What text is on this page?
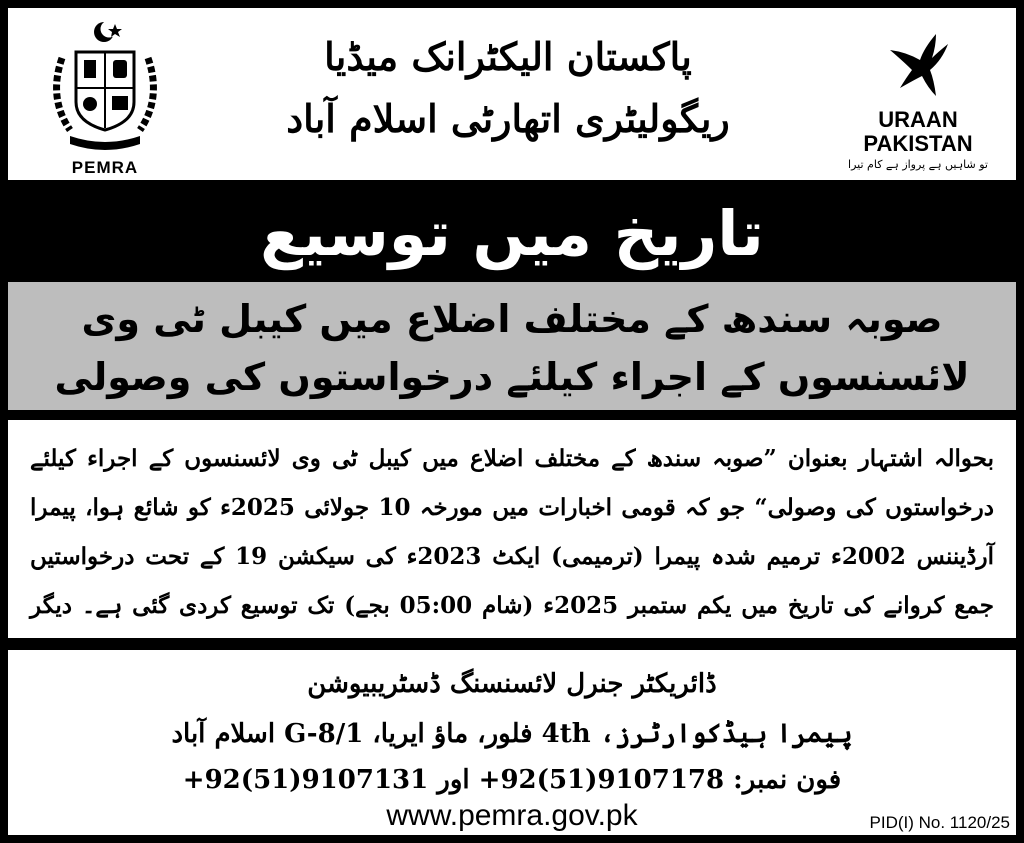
PEMRA
پاکستان الیکٹرانک میڈیا
ریگولیٹری اتھارٹی اسلام آباد	URAAN
PAKISTAN
تو شاہیں ہے پرواز ہے کام تیرا
تاریخ میں توسیع
صوبہ سندھ کے مختلف اضلاع میں کیبل ٹی وی
لائسنسوں کے اجراء کیلئے درخواستوں کی وصولی
بحوالہ اشتہار بعنوان ”صوبہ سندھ کے مختلف اضلاع میں کیبل ٹی وی لائسنسوں کے اجراء کیلئے درخواستوں کی وصولی“ جو کہ قومی اخبارات میں مورخہ 10 جولائی 2025ء کو شائع ہوا، پیمرا آرڈیننس 2002ء ترمیم شدہ پیمرا (ترمیمی) ایکٹ 2023ء کی سیکشن 19 کے تحت درخواستیں جمع کروانے کی تاریخ میں یکم ستمبر 2025ء (شام 05:00 بجے) تک توسیع کردی گئی ہے۔ دیگر
ڈائریکٹر جنرل لائسنسنگ ڈسٹریبیوشن
پیمرا ہیڈکوارٹرز، 4th فلور، ماؤ ایریا، G-8/1 اسلام آباد
فون نمبر: 9107178(51)92+ اور 9107131(51)92+
www.pemra.gov.pk	PID(I) No. 1120/25
